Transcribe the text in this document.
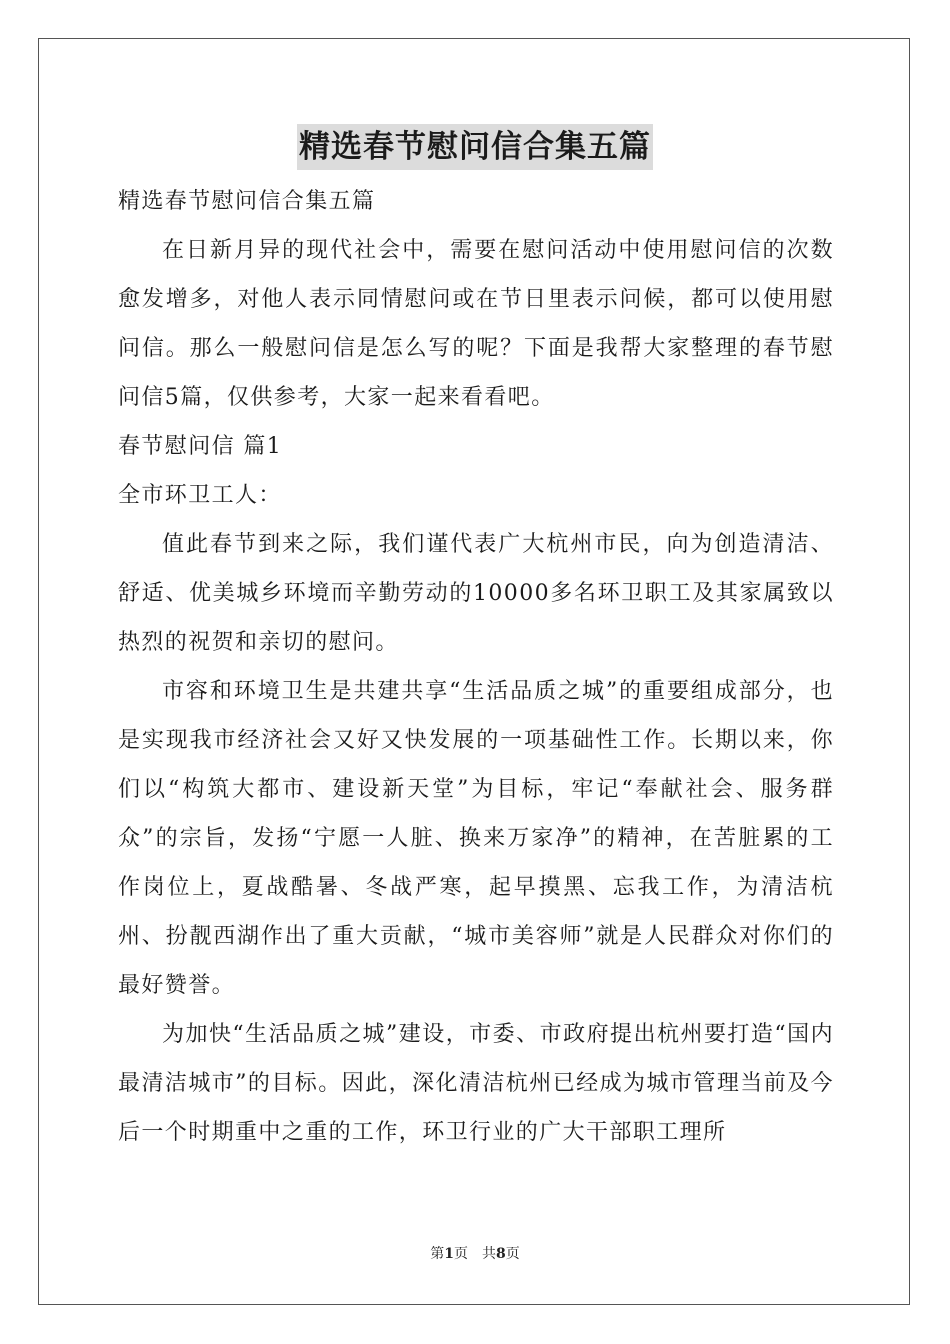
精选春节慰问信合集五篇

精选春节慰问信合集五篇

在日新月异的现代社会中，需要在慰问活动中使用慰问信的次数愈发增多，对他人表示同情慰问或在节日里表示问候，都可以使用慰问信。那么一般慰问信是怎么写的呢？下面是我帮大家整理的春节慰问信5篇，仅供参考，大家一起来看看吧。

春节慰问信 篇1

全市环卫工人：

值此春节到来之际，我们谨代表广大杭州市民，向为创造清洁、舒适、优美城乡环境而辛勤劳动的10000多名环卫职工及其家属致以热烈的祝贺和亲切的慰问。

市容和环境卫生是共建共享“生活品质之城”的重要组成部分，也是实现我市经济社会又好又快发展的一项基础性工作。长期以来，你们以“构筑大都市、建设新天堂”为目标，牢记“奉献社会、服务群众”的宗旨，发扬“宁愿一人脏、换来万家净”的精神，在苦脏累的工作岗位上，夏战酷暑、冬战严寒，起早摸黑、忘我工作，为清洁杭州、扮靓西湖作出了重大贡献，“城市美容师”就是人民群众对你们的最好赞誉。

为加快“生活品质之城”建设，市委、市政府提出杭州要打造“国内最清洁城市”的目标。因此，深化清洁杭州已经成为城市管理当前及今后一个时期重中之重的工作，环卫行业的广大干部职工理所

第1页 共8页
